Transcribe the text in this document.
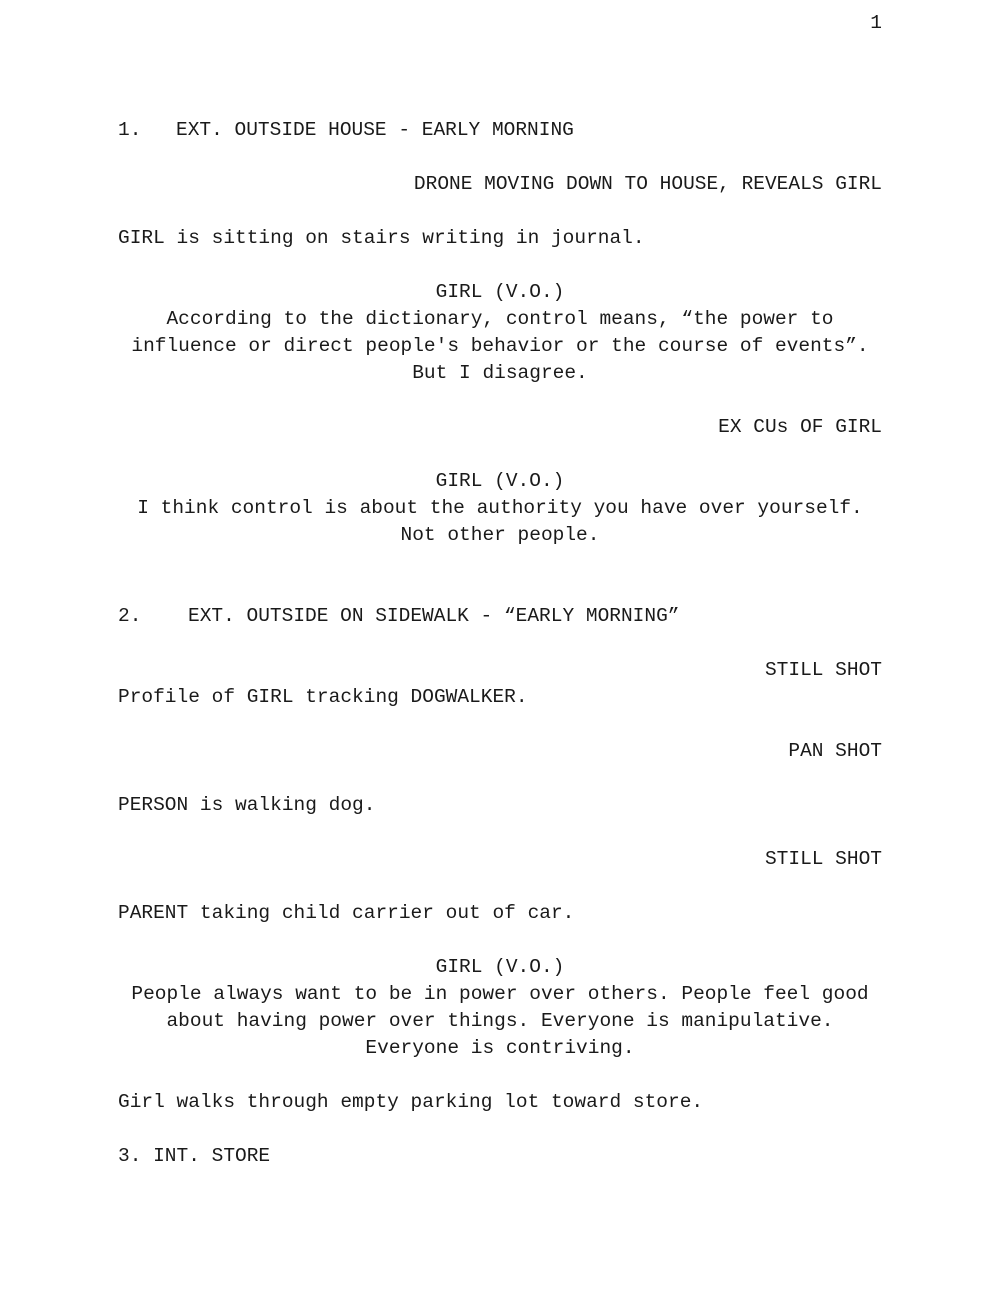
1
1. EXT. OUTSIDE HOUSE - EARLY MORNING
DRONE MOVING DOWN TO HOUSE, REVEALS GIRL
GIRL is sitting on stairs writing in journal.
GIRL (V.O.)
According to the dictionary, control means, “the power to
influence or direct people's behavior or the course of events”.
But I disagree.
EX CUs OF GIRL
GIRL (V.O.)
I think control is about the authority you have over yourself.
Not other people.
2. EXT. OUTSIDE ON SIDEWALK - “EARLY MORNING”
STILL SHOT
Profile of GIRL tracking DOGWALKER.
PAN SHOT
PERSON is walking dog.
STILL SHOT
PARENT taking child carrier out of car.
GIRL (V.O.)
People always want to be in power over others. People feel good
about having power over things. Everyone is manipulative.
Everyone is contriving.
Girl walks through empty parking lot toward store.
3. INT. STORE
